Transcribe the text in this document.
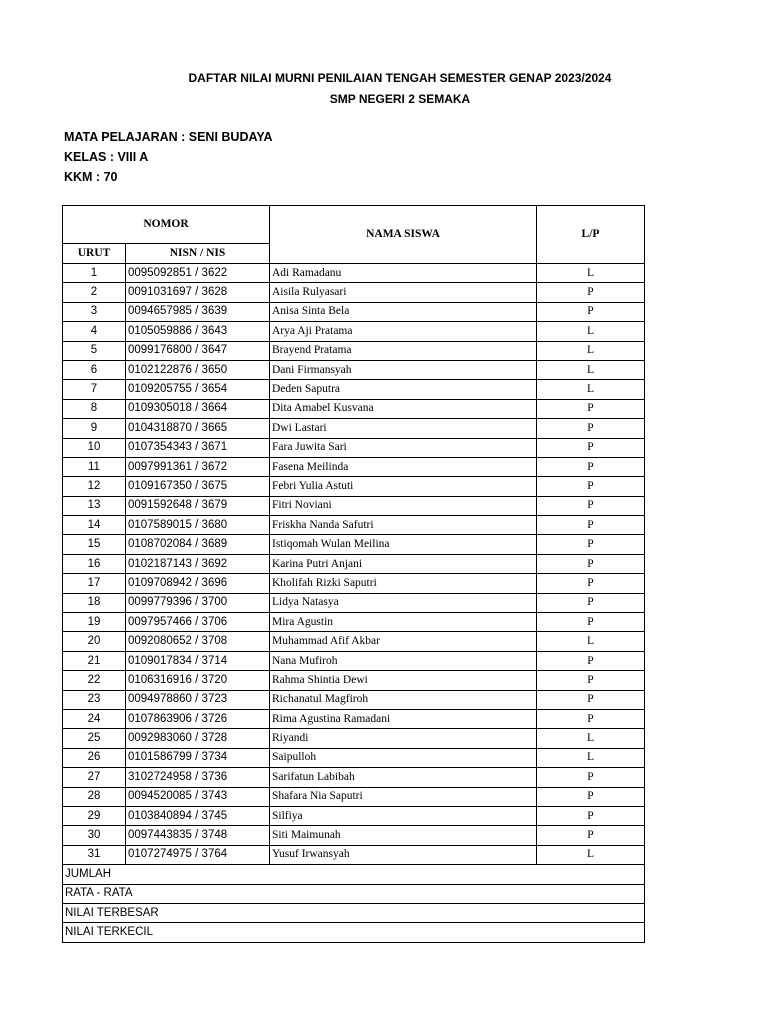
DAFTAR NILAI MURNI PENILAIAN TENGAH SEMESTER GENAP 2023/2024
SMP NEGERI 2 SEMAKA
MATA PELAJARAN : SENI BUDAYA
KELAS : VIII A
KKM : 70
NOMOR		NAMA SISWA	L/P
URUT	NISN / NIS		
1	0095092851 / 3622	Adi Ramadanu	L
2	0091031697 / 3628	Aisila Rulyasari	P
3	0094657985 / 3639	Anisa Sinta Bela	P
4	0105059886 / 3643	Arya Aji Pratama	L
5	0099176800 / 3647	Brayend Pratama	L
6	0102122876 / 3650	Dani Firmansyah	L
7	0109205755 / 3654	Deden Saputra	L
8	0109305018 / 3664	Dita Amabel Kusvana	P
9	0104318870 / 3665	Dwi Lastari	P
10	0107354343 / 3671	Fara Juwita Sari	P
11	0097991361 / 3672	Fasena Meilinda	P
12	0109167350 / 3675	Febri Yulia Astuti	P
13	0091592648 / 3679	Fitri Noviani	P
14	0107589015 / 3680	Friskha Nanda Safutri	P
15	0108702084 / 3689	Istiqomah Wulan Meilina	P
16	0102187143 / 3692	Karina Putri Anjani	P
17	0109708942 / 3696	Kholifah Rizki Saputri	P
18	0099779396 / 3700	Lidya Natasya	P
19	0097957466 / 3706	Mira Agustin	P
20	0092080652 / 3708	Muhammad Afif Akbar	L
21	0109017834 / 3714	Nana Mufiroh	P
22	0106316916 / 3720	Rahma Shintia Dewi	P
23	0094978860 / 3723	Richanatul Magfiroh	P
24	0107863906 / 3726	Rima Agustina Ramadani	P
25	0092983060 / 3728	Riyandi	L
26	0101586799 / 3734	Saipulloh	L
27	3102724958 / 3736	Sarifatun Labibah	P
28	0094520085 / 3743	Shafara Nia Saputri	P
29	0103840894 / 3745	Silfiya	P
30	0097443835 / 3748	Siti Maimunah	P
31	0107274975 / 3764	Yusuf Irwansyah	L
JUMLAH			
RATA - RATA			
NILAI TERBESAR			
NILAI TERKECIL			
